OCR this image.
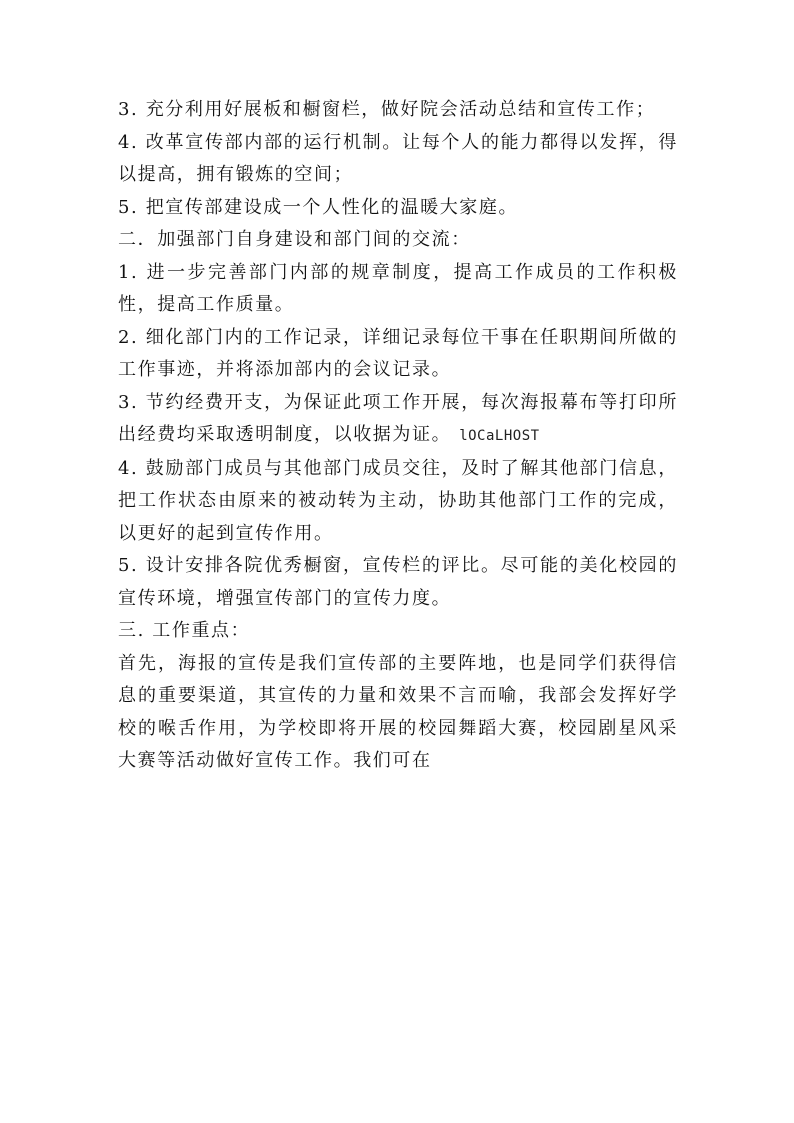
3. 充分利用好展板和橱窗栏，做好院会活动总结和宣传工作；

4. 改革宣传部内部的运行机制。让每个人的能力都得以发挥，得以提高，拥有锻炼的空间；

5. 把宣传部建设成一个人性化的温暖大家庭。

二．加强部门自身建设和部门间的交流：

1. 进一步完善部门内部的规章制度，提高工作成员的工作积极性，提高工作质量。

2. 细化部门内的工作记录，详细记录每位干事在任职期间所做的工作事迹，并将添加部内的会议记录。

3. 节约经费开支，为保证此项工作开展，每次海报幕布等打印所出经费均采取透明制度，以收据为证。 lOCaLHOST

4. 鼓励部门成员与其他部门成员交往，及时了解其他部门信息，把工作状态由原来的被动转为主动，协助其他部门工作的完成，以更好的起到宣传作用。

5. 设计安排各院优秀橱窗，宣传栏的评比。尽可能的美化校园的宣传环境，增强宣传部门的宣传力度。

三. 工作重点：

首先，海报的宣传是我们宣传部的主要阵地，也是同学们获得信息的重要渠道，其宣传的力量和效果不言而喻，我部会发挥好学校的喉舌作用，为学校即将开展的校园舞蹈大赛，校园剧星风采大赛等活动做好宣传工作。我们可在
